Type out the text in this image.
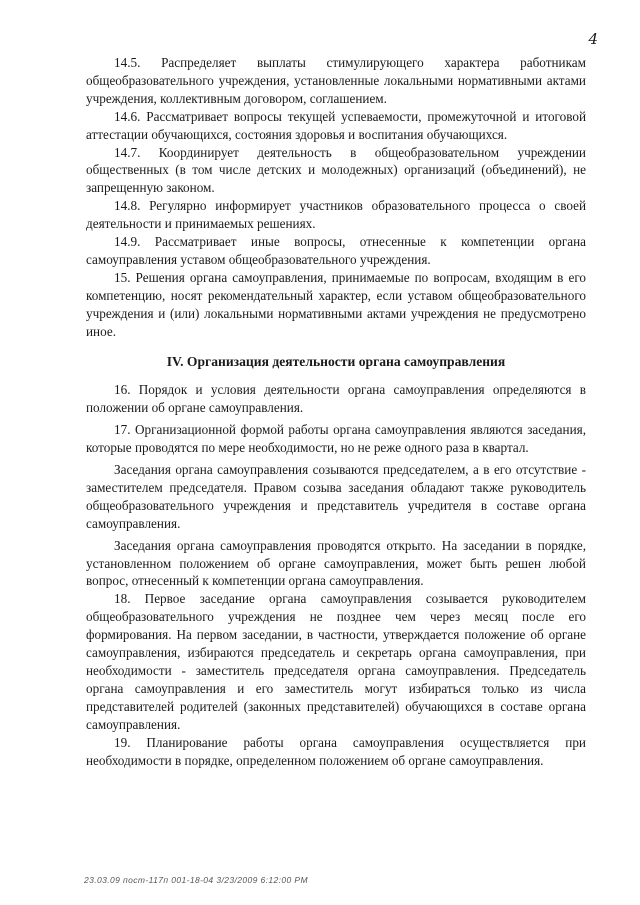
4

14.5. Распределяет выплаты стимулирующего характера работникам общеобразовательного учреждения, установленные локальными нормативными актами учреждения, коллективным договором, соглашением.

14.6. Рассматривает вопросы текущей успеваемости, промежуточной и итоговой аттестации обучающихся, состояния здоровья и воспитания обучающихся.

14.7. Координирует деятельность в общеобразовательном учреждении общественных (в том числе детских и молодежных) организаций (объединений), не запрещенную законом.

14.8. Регулярно информирует участников образовательного процесса о своей деятельности и принимаемых решениях.

14.9. Рассматривает иные вопросы, отнесенные к компетенции органа самоуправления уставом общеобразовательного учреждения.

15. Решения органа самоуправления, принимаемые по вопросам, входящим в его компетенцию, носят рекомендательный характер, если уставом общеобразовательного учреждения и (или) локальными нормативными актами учреждения не предусмотрено иное.

IV. Организация деятельности органа самоуправления

16. Порядок и условия деятельности органа самоуправления определяются в положении об органе самоуправления.

17. Организационной формой работы органа самоуправления являются заседания, которые проводятся по мере необходимости, но не реже одного раза в квартал.

Заседания органа самоуправления созываются председателем, а в его отсутствие - заместителем председателя. Правом созыва заседания обладают также руководитель общеобразовательного учреждения и представитель учредителя в составе органа самоуправления.

Заседания органа самоуправления проводятся открыто. На заседании в порядке, установленном положением об органе самоуправления, может быть решен любой вопрос, отнесенный к компетенции органа самоуправления.

18. Первое заседание органа самоуправления созывается руководителем общеобразовательного учреждения не позднее чем через месяц после его формирования. На первом заседании, в частности, утверждается положение об органе самоуправления, избираются председатель и секретарь органа самоуправления, при необходимости - заместитель председателя органа самоуправления. Председатель органа самоуправления и его заместитель могут избираться только из числа представителей родителей (законных представителей) обучающихся в составе органа самоуправления.

19. Планирование работы органа самоуправления осуществляется при необходимости в порядке, определенном положением об органе самоуправления.

23.03.09 пост-117п 001-18-04 3/23/2009 6:12:00 PM
